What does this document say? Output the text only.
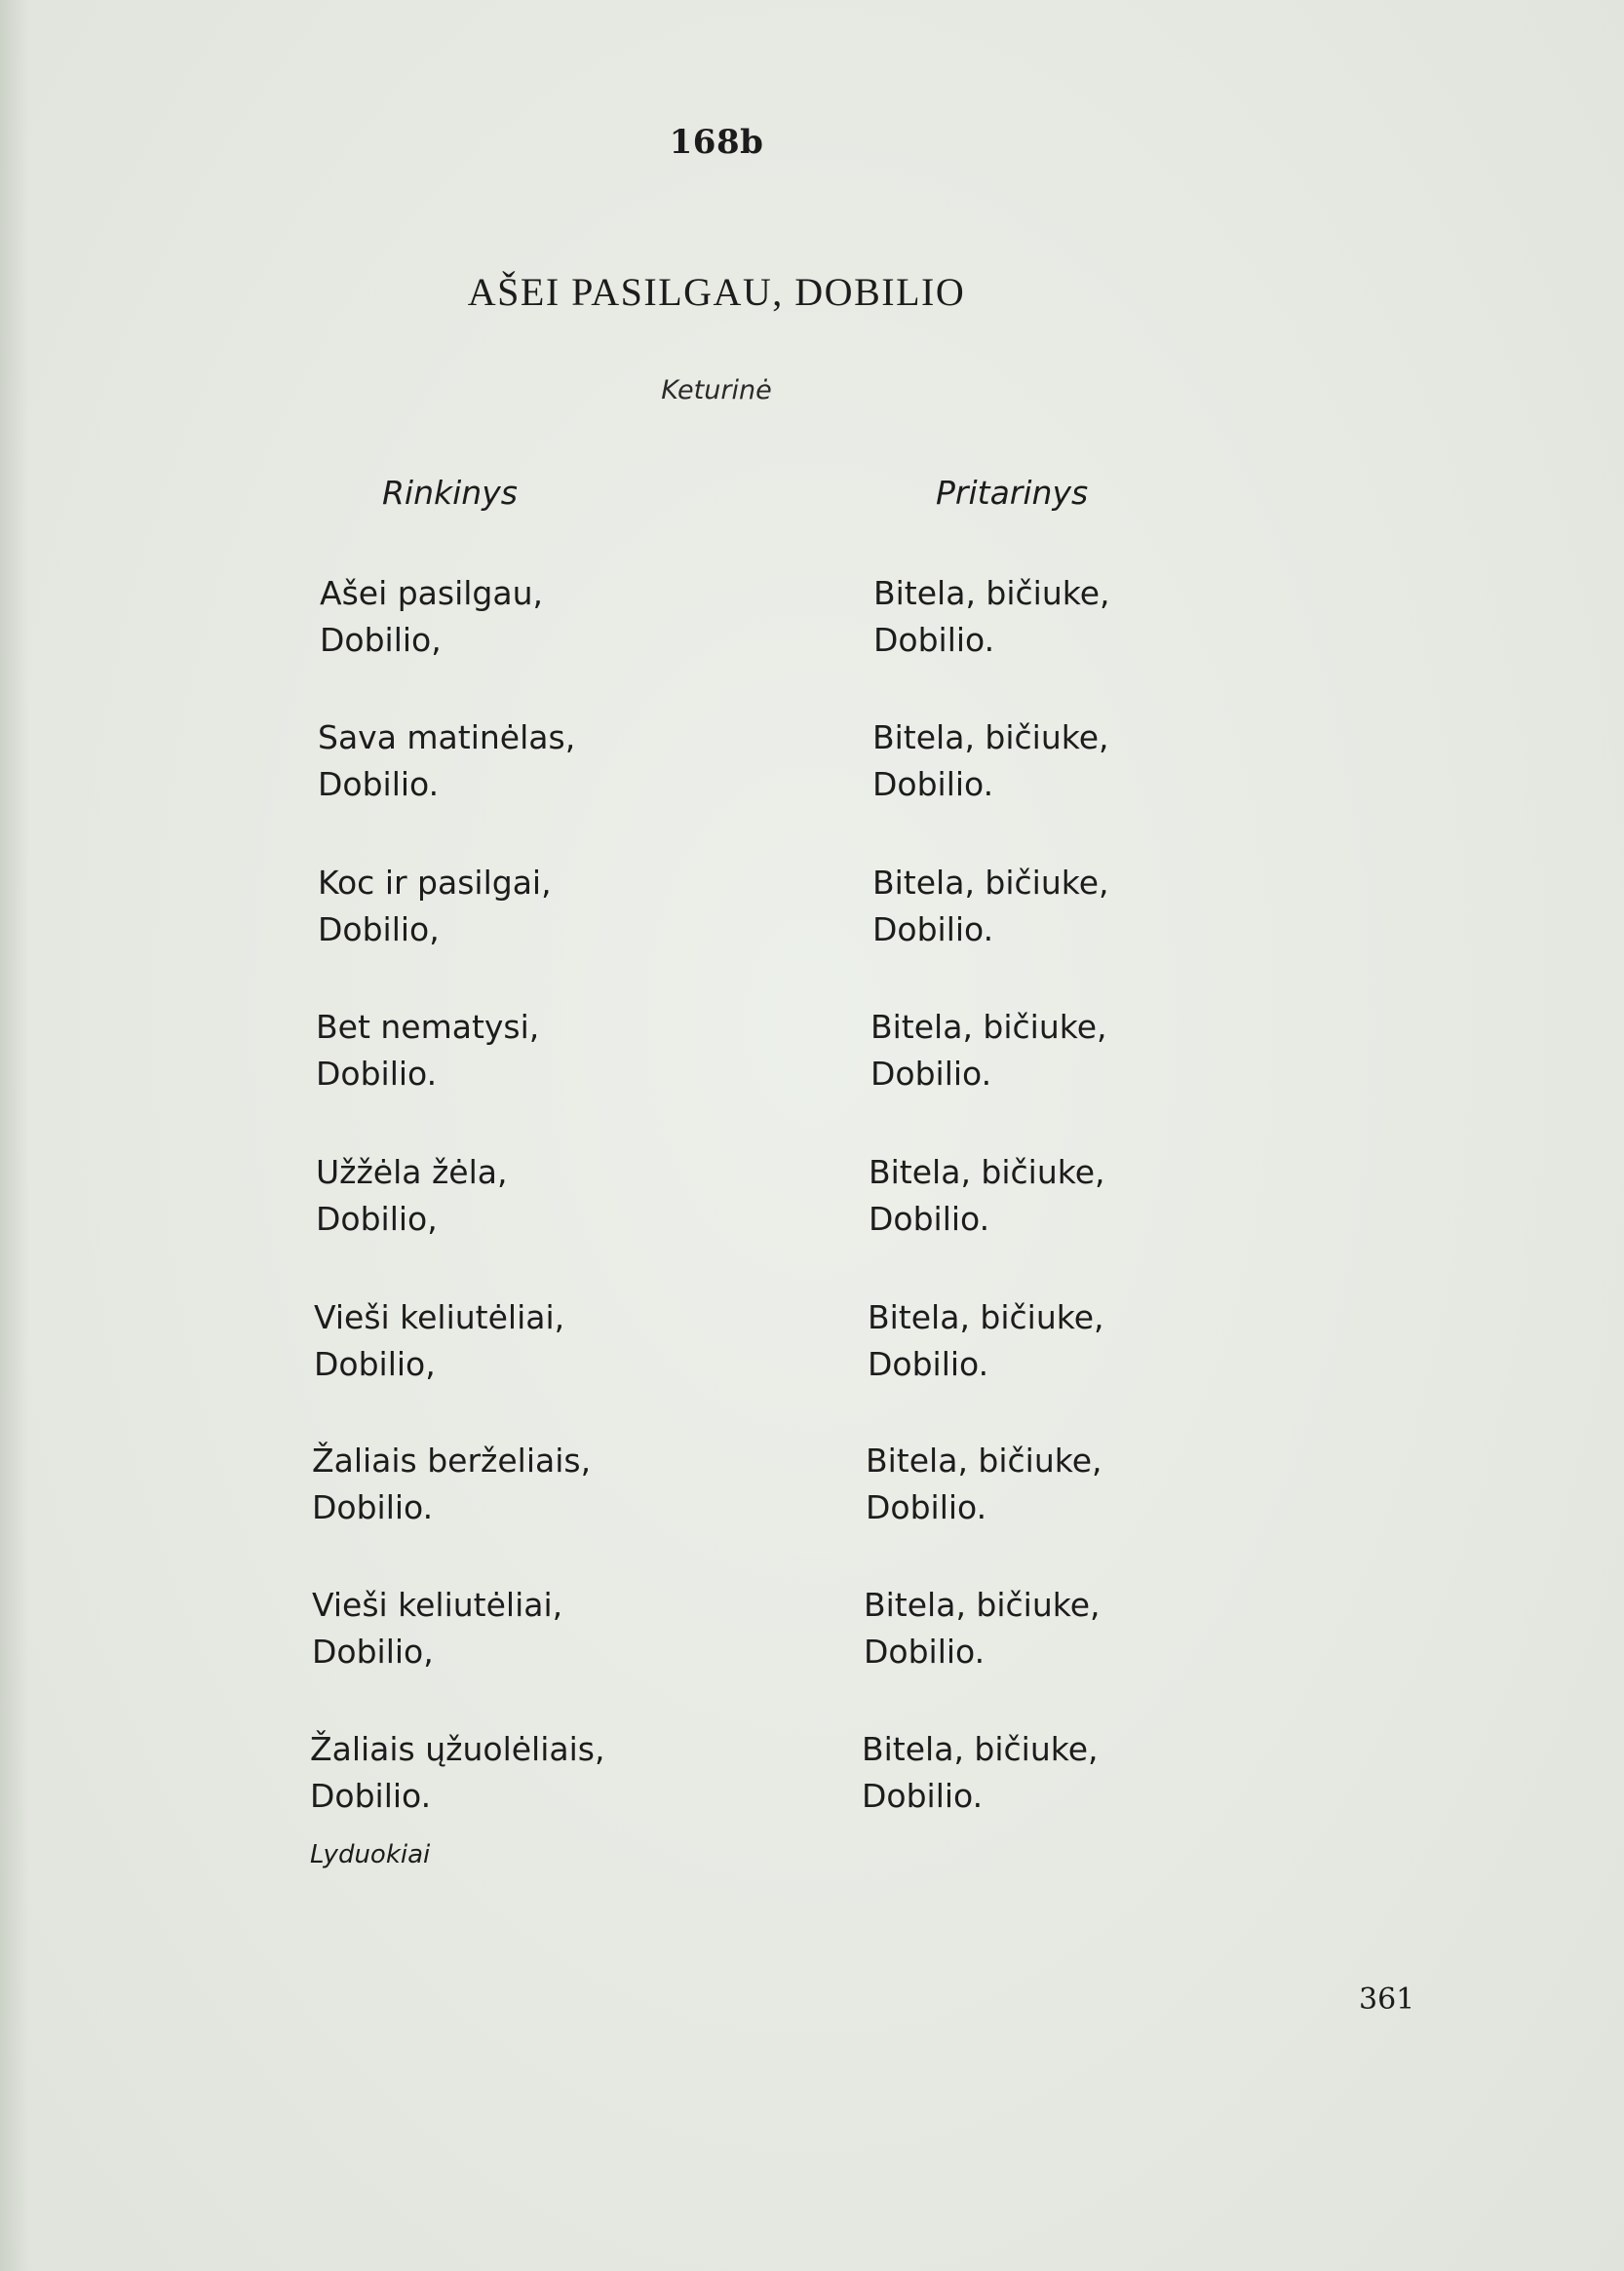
168b
AŠEI PASILGAU, DOBILIO
Keturinė
Rinkinys	Pritarinys
Ašei pasilgau,
Dobilio,
Bitela, bičiuke,
Dobilio.
Sava matinėlas,
Dobilio.
Bitela, bičiuke,
Dobilio.
Koc ir pasilgai,
Dobilio,
Bitela, bičiuke,
Dobilio.
Bet nematysi,
Dobilio.
Bitela, bičiuke,
Dobilio.
Užžėla žėla,
Dobilio,
Bitela, bičiuke,
Dobilio.
Vieši keliutėliai,
Dobilio,
Bitela, bičiuke,
Dobilio.
Žaliais berželiais,
Dobilio.
Bitela, bičiuke,
Dobilio.
Vieši keliutėliai,
Dobilio,
Bitela, bičiuke,
Dobilio.
Žaliais ųžuolėliais,
Dobilio.
Bitela, bičiuke,
Dobilio.
Lyduokiai
361
